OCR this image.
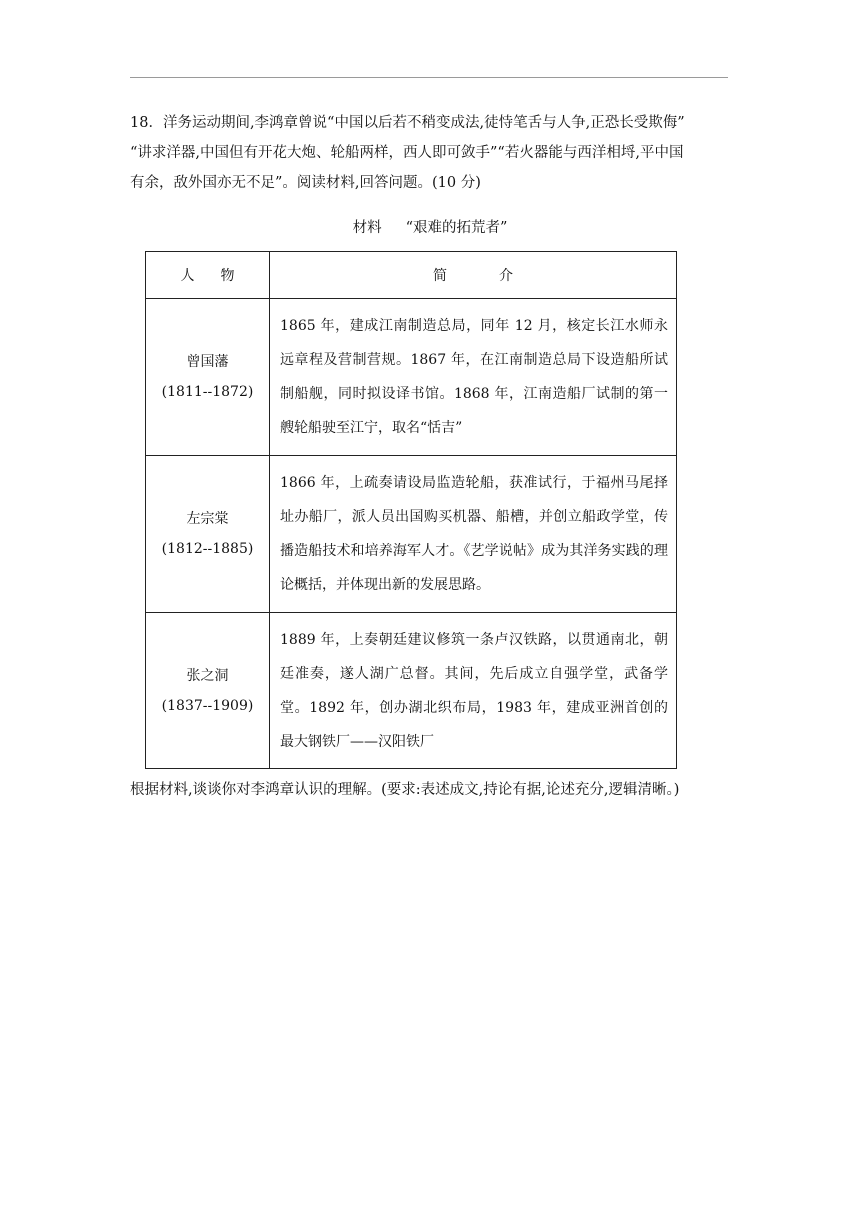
18．洋务运动期间,李鸿章曾说“中国以后若不稍变成法,徒恃笔舌与人争,正恐长受欺侮”

“讲求洋器,中国但有开花大炮、轮船两样，西人即可敛手”“若火器能与西洋相埒,平中国

有余，敌外国亦无不足”。阅读材料,回答问题。(10 分)

材料 “艰难的拓荒者”
人 物	简 介

曾国藩
(1811--1872)	1865 年，建成江南制造总局，同年 12 月，核定长江水师永远章程及营制营规。1867 年，在江南制造总局下设造船所试制船舰，同时拟设译书馆。1868 年，江南造船厂试制的第一艘轮船驶至江宁，取名“恬吉”

左宗棠
(1812--1885)	1866 年，上疏奏请设局监造轮船，获准试行，于福州马尾择址办船厂，派人员出国购买机器、船槽，并创立船政学堂，传播造船技术和培养海军人才。《艺学说帖》成为其洋务实践的理论概括，并体现出新的发展思路。

张之洞
(1837--1909)	1889 年，上奏朝廷建议修筑一条卢汉铁路，以贯通南北，朝廷准奏，遂人湖广总督。其间，先后成立自强学堂，武备学堂。1892 年，创办湖北织布局，1983 年，建成亚洲首创的最大钢铁厂——汉阳铁厂
根据材料,谈谈你对李鸿章认识的理解。(要求:表述成文,持论有据,论述充分,逻辑清晰。)
